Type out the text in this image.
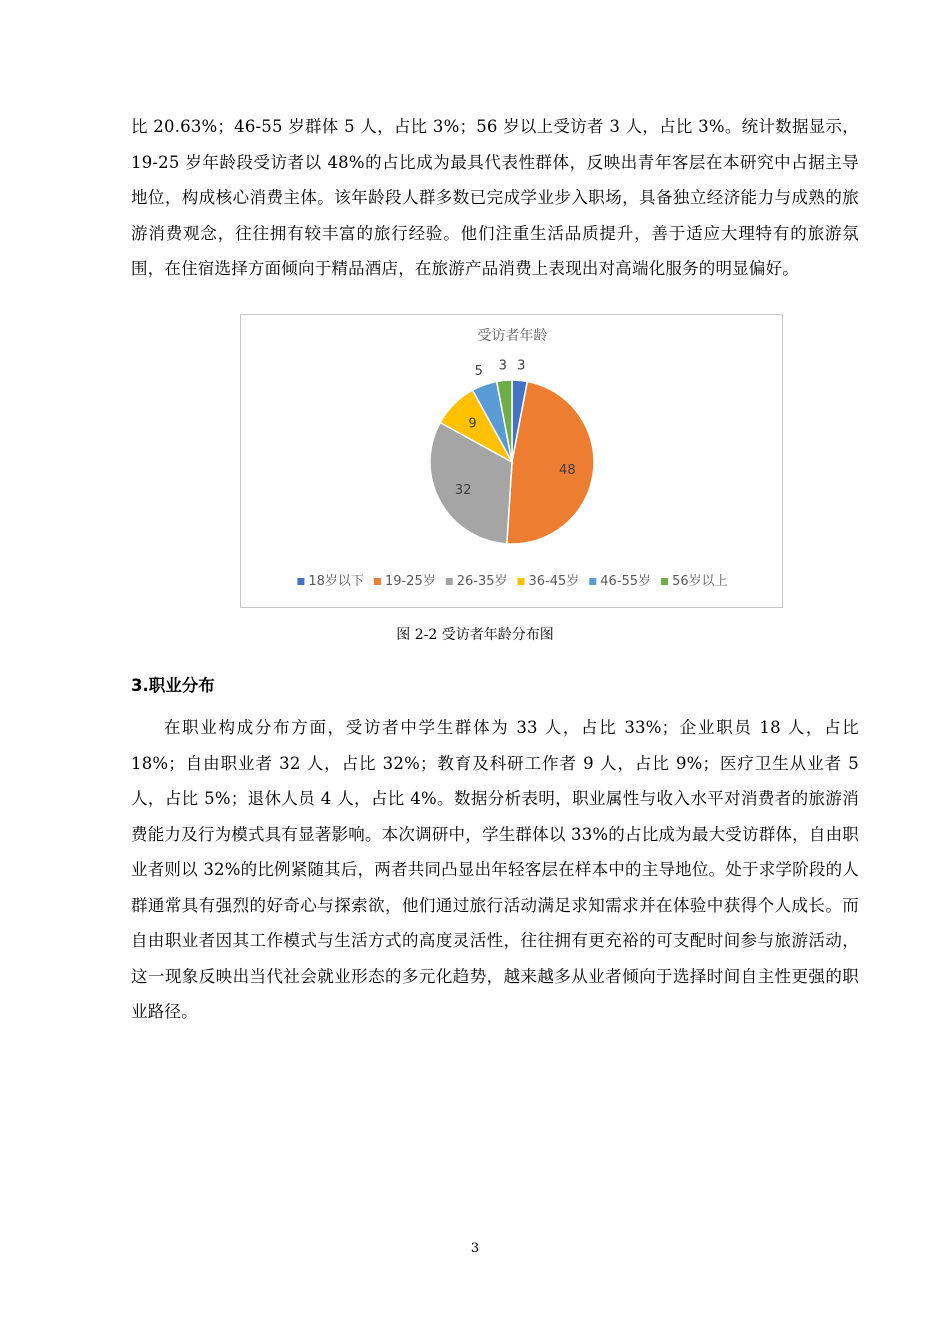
比 20.63%；46-55 岁群体 5 人，占比 3%；56 岁以上受访者 3 人，占比 3%。统计数据显示，19-25 岁年龄段受访者以 48%的占比成为最具代表性群体，反映出青年客层在本研究中占据主导地位，构成核心消费主体。该年龄段人群多数已完成学业步入职场，具备独立经济能力与成熟的旅游消费观念，往往拥有较丰富的旅行经验。他们注重生活品质提升，善于适应大理特有的旅游氛围，在住宿选择方面倾向于精品酒店，在旅游产品消费上表现出对高端化服务的明显偏好。

受访者年龄
3
48
32
9
5 3
18岁以下 19-25岁 26-35岁 36-45岁 46-55岁 56岁以上

图 2-2 受访者年龄分布图

3.职业分布

在职业构成分布方面，受访者中学生群体为 33 人，占比 33%；企业职员 18 人，占比 18%；自由职业者 32 人，占比 32%；教育及科研工作者 9 人，占比 9%；医疗卫生从业者 5 人，占比 5%；退休人员 4 人，占比 4%。数据分析表明，职业属性与收入水平对消费者的旅游消费能力及行为模式具有显著影响。本次调研中，学生群体以 33%的占比成为最大受访群体，自由职业者则以 32%的比例紧随其后，两者共同凸显出年轻客层在样本中的主导地位。处于求学阶段的人群通常具有强烈的好奇心与探索欲，他们通过旅行活动满足求知需求并在体验中获得个人成长。而自由职业者因其工作模式与生活方式的高度灵活性，往往拥有更充裕的可支配时间参与旅游活动，这一现象反映出当代社会就业形态的多元化趋势，越来越多从业者倾向于选择时间自主性更强的职业路径。

3
